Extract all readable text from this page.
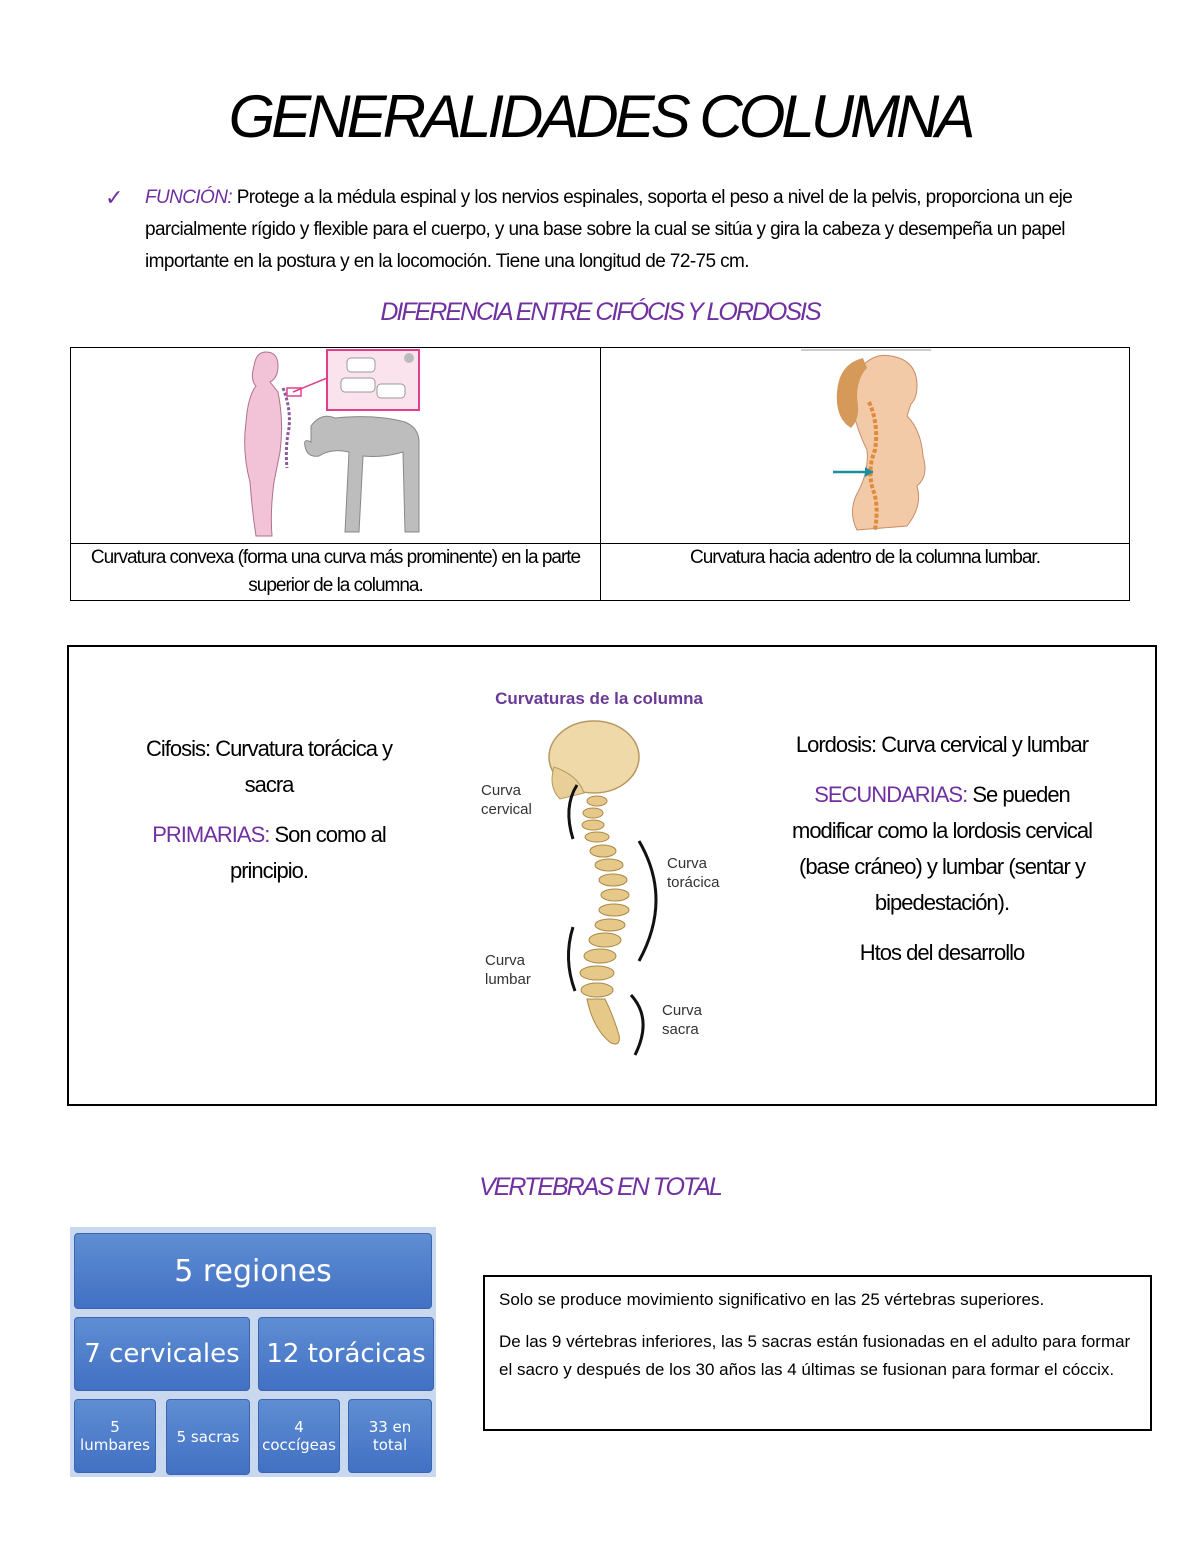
GENERALIDADES COLUMNA
✓ FUNCIÓN: Protege a la médula espinal y los nervios espinales, soporta el peso a nivel de la pelvis, proporciona un eje parcialmente rígido y flexible para el cuerpo, y una base sobre la cual se sitúa y gira la cabeza y desempeña un papel importante en la postura y en la locomoción. Tiene una longitud de 72-75 cm.
DIFERENCIA ENTRE CIFÓCIS Y LORDOSIS

Curvatura convexa (forma una curva más prominente) en la parte superior de la columna.	Curvatura hacia adentro de la columna lumbar.
Cifosis: Curvatura torácica y sacra
PRIMARIAS: Son como al principio.
Curvaturas de la columna
Curva
cervical
Curva
torácica
Curva
lumbar
Curva
sacra
Lordosis: Curva cervical y lumbar
SECUNDARIAS: Se pueden modificar como la lordosis cervical (base cráneo) y lumbar (sentar y bipedestación).
Htos del desarrollo
VERTEBRAS EN TOTAL
5 regiones
7 cervicales	12 torácicas
5 lumbares	5 sacras
4 coccígeas
33 en total

Solo se produce movimiento significativo en las 25 vértebras superiores.

De las 9 vértebras inferiores, las 5 sacras están fusionadas en el adulto para formar el sacro y después de los 30 años las 4 últimas se fusionan para formar el cóccix.
